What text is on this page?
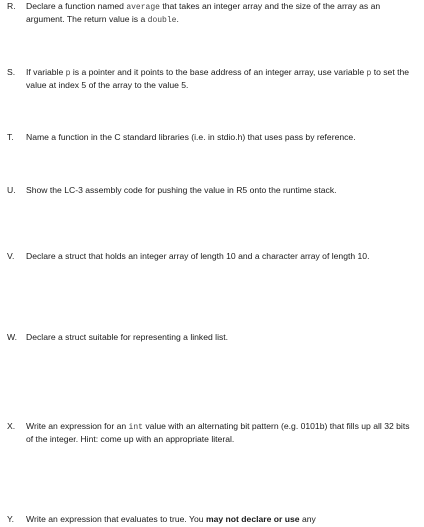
R.	Declare a function named average that takes an integer array and the size of the array as an argument. The return value is a double.
S.	If variable p is a pointer and it points to the base address of an integer array, use variable p to set the value at index 5 of the array to the value 5.
T.	Name a function in the C standard libraries (i.e. in stdio.h) that uses pass by reference.
U.	Show the LC-3 assembly code for pushing the value in R5 onto the runtime stack.
V.	Declare a struct that holds an integer array of length 10 and a character array of length 10.
W.	Declare a struct suitable for representing a linked list.
X.	Write an expression for an int value with an alternating bit pattern (e.g. 0101b) that fills up all 32 bits of the integer. Hint: come up with an appropriate literal.
Y.	Write an expression that evaluates to true. You may not declare or use any
